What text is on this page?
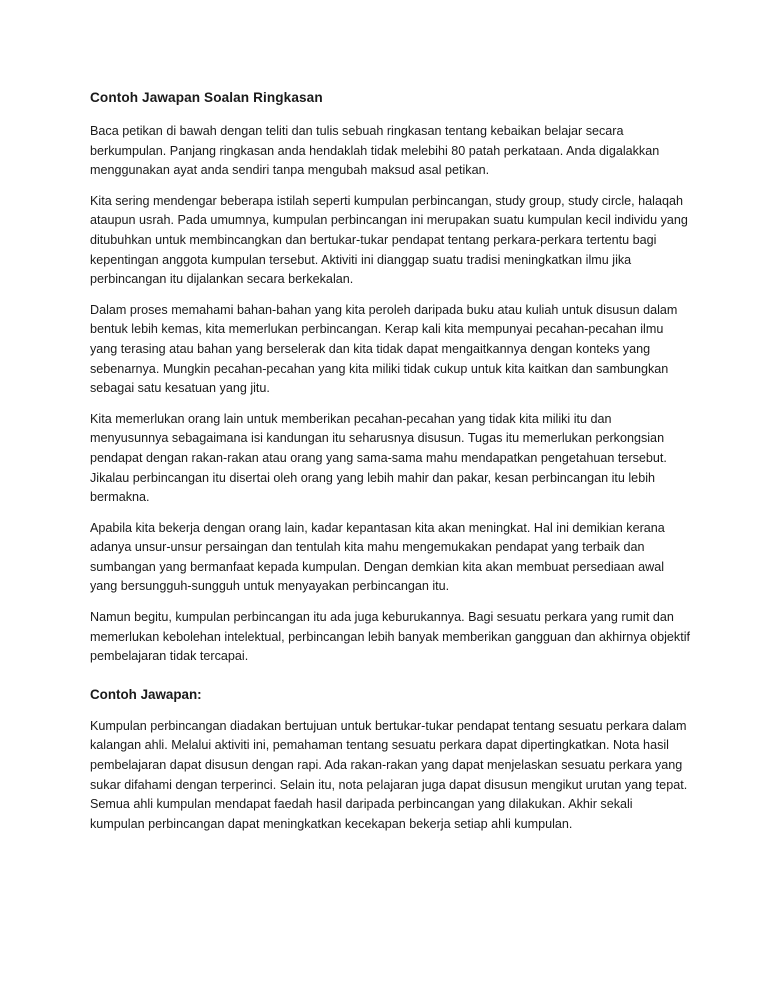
Contoh Jawapan Soalan Ringkasan

Baca petikan di bawah dengan teliti dan tulis sebuah ringkasan tentang kebaikan belajar secara berkumpulan. Panjang ringkasan anda hendaklah tidak melebihi 80 patah perkataan. Anda digalakkan menggunakan ayat anda sendiri tanpa mengubah maksud asal petikan.

Kita sering mendengar beberapa istilah seperti kumpulan perbincangan, study group, study circle, halaqah ataupun usrah. Pada umumnya, kumpulan perbincangan ini merupakan suatu kumpulan kecil individu yang ditubuhkan untuk membincangkan dan bertukar-tukar pendapat tentang perkara-perkara tertentu bagi kepentingan anggota kumpulan tersebut. Aktiviti ini dianggap suatu tradisi meningkatkan ilmu jika perbincangan itu dijalankan secara berkekalan.

Dalam proses memahami bahan-bahan yang kita peroleh daripada buku atau kuliah untuk disusun dalam bentuk lebih kemas, kita memerlukan perbincangan. Kerap kali kita mempunyai pecahan-pecahan ilmu yang terasing atau bahan yang berselerak dan kita tidak dapat mengaitkannya dengan konteks yang sebenarnya. Mungkin pecahan-pecahan yang kita miliki tidak cukup untuk kita kaitkan dan sambungkan sebagai satu kesatuan yang jitu.

Kita memerlukan orang lain untuk memberikan pecahan-pecahan yang tidak kita miliki itu dan menyusunnya sebagaimana isi kandungan itu seharusnya disusun. Tugas itu memerlukan perkongsian pendapat dengan rakan-rakan atau orang yang sama-sama mahu mendapatkan pengetahuan tersebut. Jikalau perbincangan itu disertai oleh orang yang lebih mahir dan pakar, kesan perbincangan itu lebih bermakna.

Apabila kita bekerja dengan orang lain, kadar kepantasan kita akan meningkat. Hal ini demikian kerana adanya unsur-unsur persaingan dan tentulah kita mahu mengemukakan pendapat yang terbaik dan sumbangan yang bermanfaat kepada kumpulan. Dengan demkian kita akan membuat persediaan awal yang bersungguh-sungguh untuk menyayakan perbincangan itu.

Namun begitu, kumpulan perbincangan itu ada juga keburukannya. Bagi sesuatu perkara yang rumit dan memerlukan kebolehan intelektual, perbincangan lebih banyak memberikan gangguan dan akhirnya objektif pembelajaran tidak tercapai.

Contoh Jawapan:

Kumpulan perbincangan diadakan bertujuan untuk bertukar-tukar pendapat tentang sesuatu perkara dalam kalangan ahli. Melalui aktiviti ini, pemahaman tentang sesuatu perkara dapat dipertingkatkan. Nota hasil pembelajaran dapat disusun dengan rapi. Ada rakan-rakan yang dapat menjelaskan sesuatu perkara yang sukar difahami dengan terperinci. Selain itu, nota pelajaran juga dapat disusun mengikut urutan yang tepat. Semua ahli kumpulan mendapat faedah hasil daripada perbincangan yang dilakukan. Akhir sekali kumpulan perbincangan dapat meningkatkan kecekapan bekerja setiap ahli kumpulan.
